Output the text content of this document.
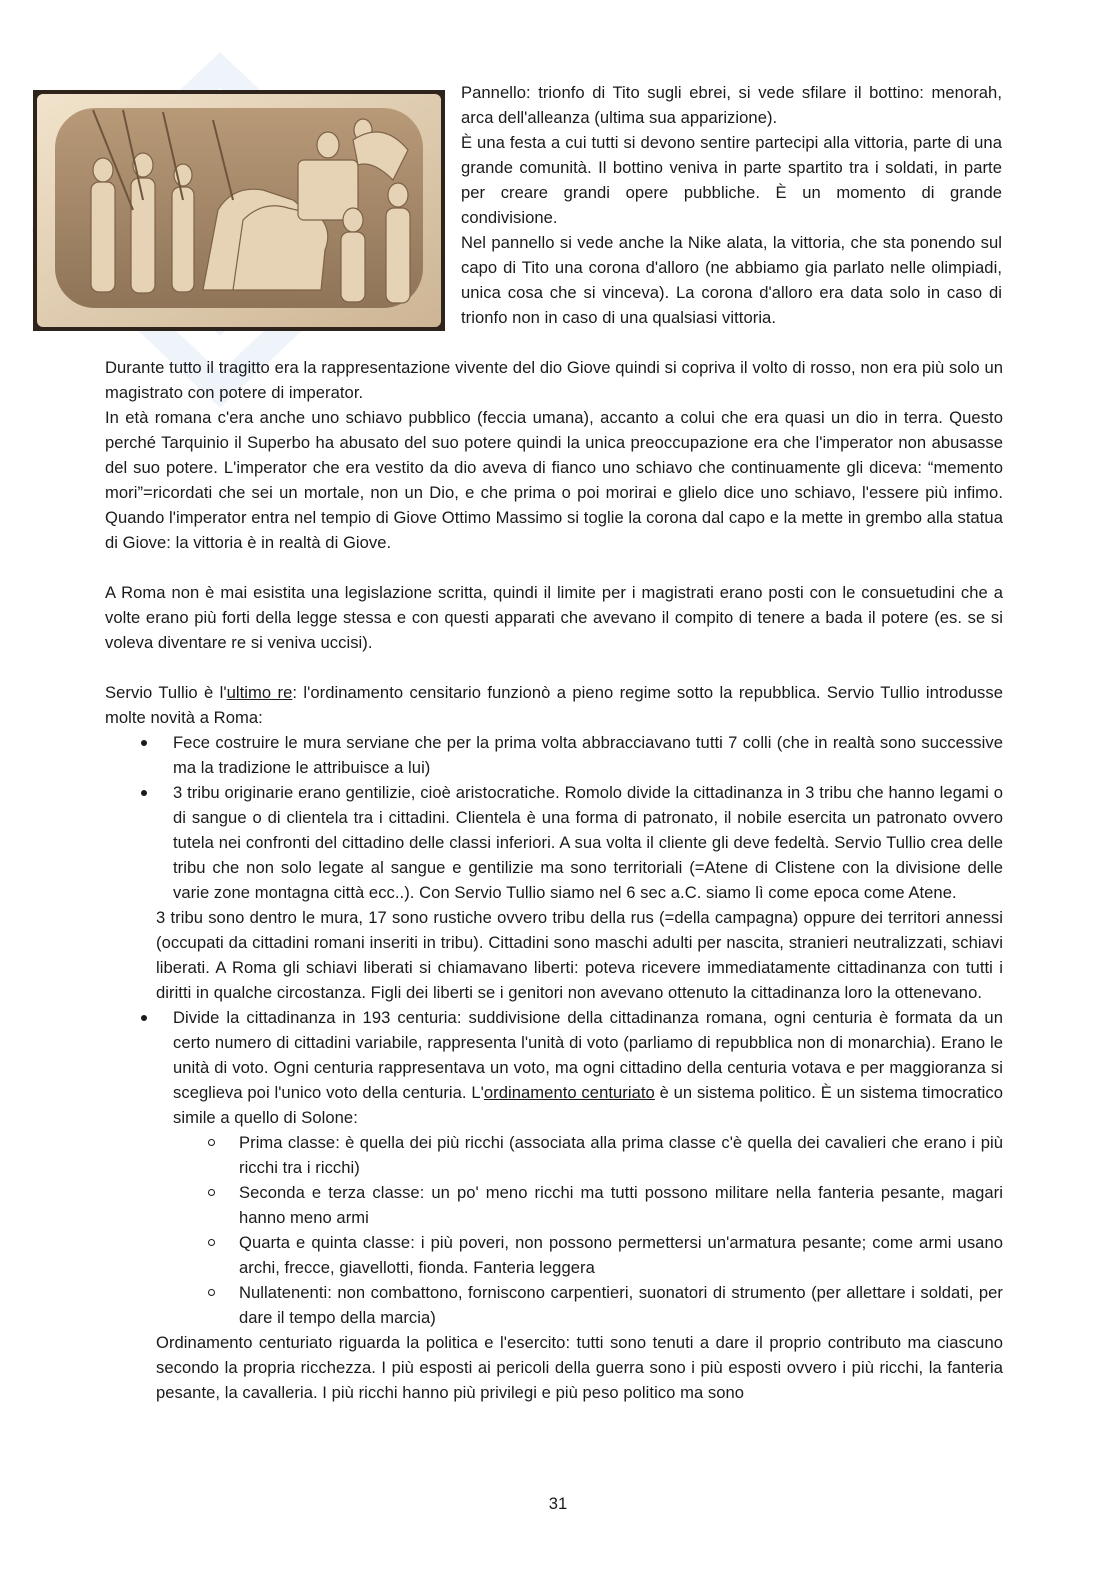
Pannello: trionfo di Tito sugli ebrei, si vede sfilare il bottino: menorah, arca dell'alleanza (ultima sua apparizione).
È una festa a cui tutti si devono sentire partecipi alla vittoria, parte di una grande comunità. Il bottino veniva in parte spartito tra i soldati, in parte per creare grandi opere pubbliche. È un momento di grande condivisione.
Nel pannello si vede anche la Nike alata, la vittoria, che sta ponendo sul capo di Tito una corona d'alloro (ne abbiamo gia parlato nelle olimpiadi, unica cosa che si vinceva). La corona d'alloro era data solo in caso di trionfo non in caso di una qualsiasi vittoria.

Durante tutto il tragitto era la rappresentazione vivente del dio Giove quindi si copriva il volto di rosso, non era più solo un magistrato con potere di imperator.

In età romana c'era anche uno schiavo pubblico (feccia umana), accanto a colui che era quasi un dio in terra. Questo perché Tarquinio il Superbo ha abusato del suo potere quindi la unica preoccupazione era che l'imperator non abusasse del suo potere. L'imperator che era vestito da dio aveva di fianco uno schiavo che continuamente gli diceva: “memento mori”=ricordati che sei un mortale, non un Dio, e che prima o poi morirai e glielo dice uno schiavo, l'essere più infimo. Quando l'imperator entra nel tempio di Giove Ottimo Massimo si toglie la corona dal capo e la mette in grembo alla statua di Giove: la vittoria è in realtà di Giove.

A Roma non è mai esistita una legislazione scritta, quindi il limite per i magistrati erano posti con le consuetudini che a volte erano più forti della legge stessa e con questi apparati che avevano il compito di tenere a bada il potere (es. se si voleva diventare re si veniva uccisi).

Servio Tullio è l'ultimo re: l'ordinamento censitario funzionò a pieno regime sotto la repubblica. Servio Tullio introdusse molte novità a Roma:

Fece costruire le mura serviane che per la prima volta abbracciavano tutti 7 colli (che in realtà sono successive ma la tradizione le attribuisce a lui)
3 tribu originarie erano gentilizie, cioè aristocratiche. Romolo divide la cittadinanza in 3 tribu che hanno legami o di sangue o di clientela tra i cittadini. Clientela è una forma di patronato, il nobile esercita un patronato ovvero tutela nei confronti del cittadino delle classi inferiori. A sua volta il cliente gli deve fedeltà. Servio Tullio crea delle tribu che non solo legate al sangue e gentilizie ma sono territoriali (=Atene di Clistene con la divisione delle varie zone montagna città ecc..). Con Servio Tullio siamo nel 6 sec a.C. siamo lì come epoca come Atene.

3 tribu sono dentro le mura, 17 sono rustiche ovvero tribu della rus (=della campagna) oppure dei territori annessi (occupati da cittadini romani inseriti in tribu). Cittadini sono maschi adulti per nascita, stranieri neutralizzati, schiavi liberati. A Roma gli schiavi liberati si chiamavano liberti: poteva ricevere immediatamente cittadinanza con tutti i diritti in qualche circostanza. Figli dei liberti se i genitori non avevano ottenuto la cittadinanza loro la ottenevano.

Divide la cittadinanza in 193 centuria: suddivisione della cittadinanza romana, ogni centuria è formata da un certo numero di cittadini variabile, rappresenta l'unità di voto (parliamo di repubblica non di monarchia). Erano le unità di voto. Ogni centuria rappresentava un voto, ma ogni cittadino della centuria votava e per maggioranza si sceglieva poi l'unico voto della centuria. L'ordinamento centuriato è un sistema politico. È un sistema timocratico simile a quello di Solone:
Prima classe: è quella dei più ricchi (associata alla prima classe c'è quella dei cavalieri che erano i più ricchi tra i ricchi)
Seconda e terza classe: un po' meno ricchi ma tutti possono militare nella fanteria pesante, magari hanno meno armi
Quarta e quinta classe: i più poveri, non possono permettersi un'armatura pesante; come armi usano archi, frecce, giavellotti, fionda. Fanteria leggera
Nullatenenti: non combattono, forniscono carpentieri, suonatori di strumento (per allettare i soldati, per dare il tempo della marcia)

Ordinamento centuriato riguarda la politica e l'esercito: tutti sono tenuti a dare il proprio contributo ma ciascuno secondo la propria ricchezza. I più esposti ai pericoli della guerra sono i più esposti ovvero i più ricchi, la fanteria pesante, la cavalleria. I più ricchi hanno più privilegi e più peso politico ma sono

31
